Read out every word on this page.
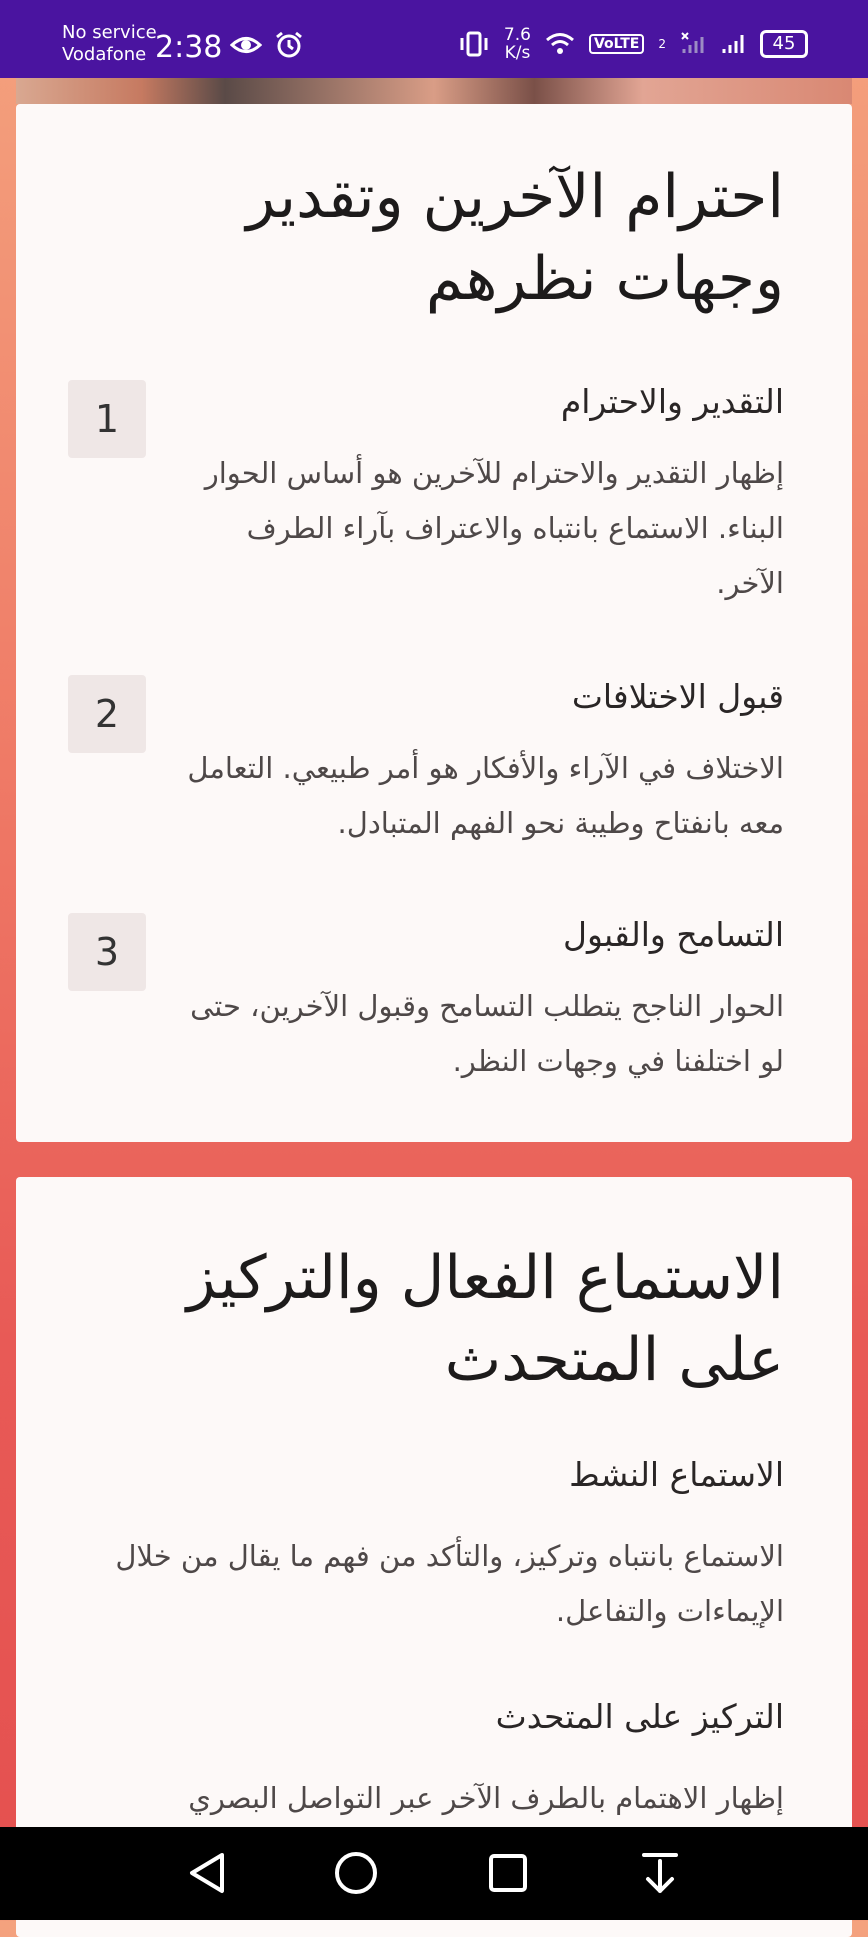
No service
Vodafone 2:38	7.6
K/s	VoLTE	2	45
احترام الآخرين وتقدير وجهات نظرهم
1	التقدير والاحترام
إظهار التقدير والاحترام للآخرين هو أساس الحوار البناء. الاستماع بانتباه والاعتراف بآراء الطرف الآخر.
2	قبول الاختلافات
الاختلاف في الآراء والأفكار هو أمر طبيعي. التعامل معه بانفتاح وطيبة نحو الفهم المتبادل.
3	التسامح والقبول
الحوار الناجح يتطلب التسامح وقبول الآخرين، حتى لو اختلفنا في وجهات النظر.
الاستماع الفعال والتركيز على المتحدث
الاستماع النشط
الاستماع بانتباه وتركيز، والتأكد من فهم ما يقال من خلال الإيماءات والتفاعل.
التركيز على المتحدث
إظهار الاهتمام بالطرف الآخر عبر التواصل البصري
